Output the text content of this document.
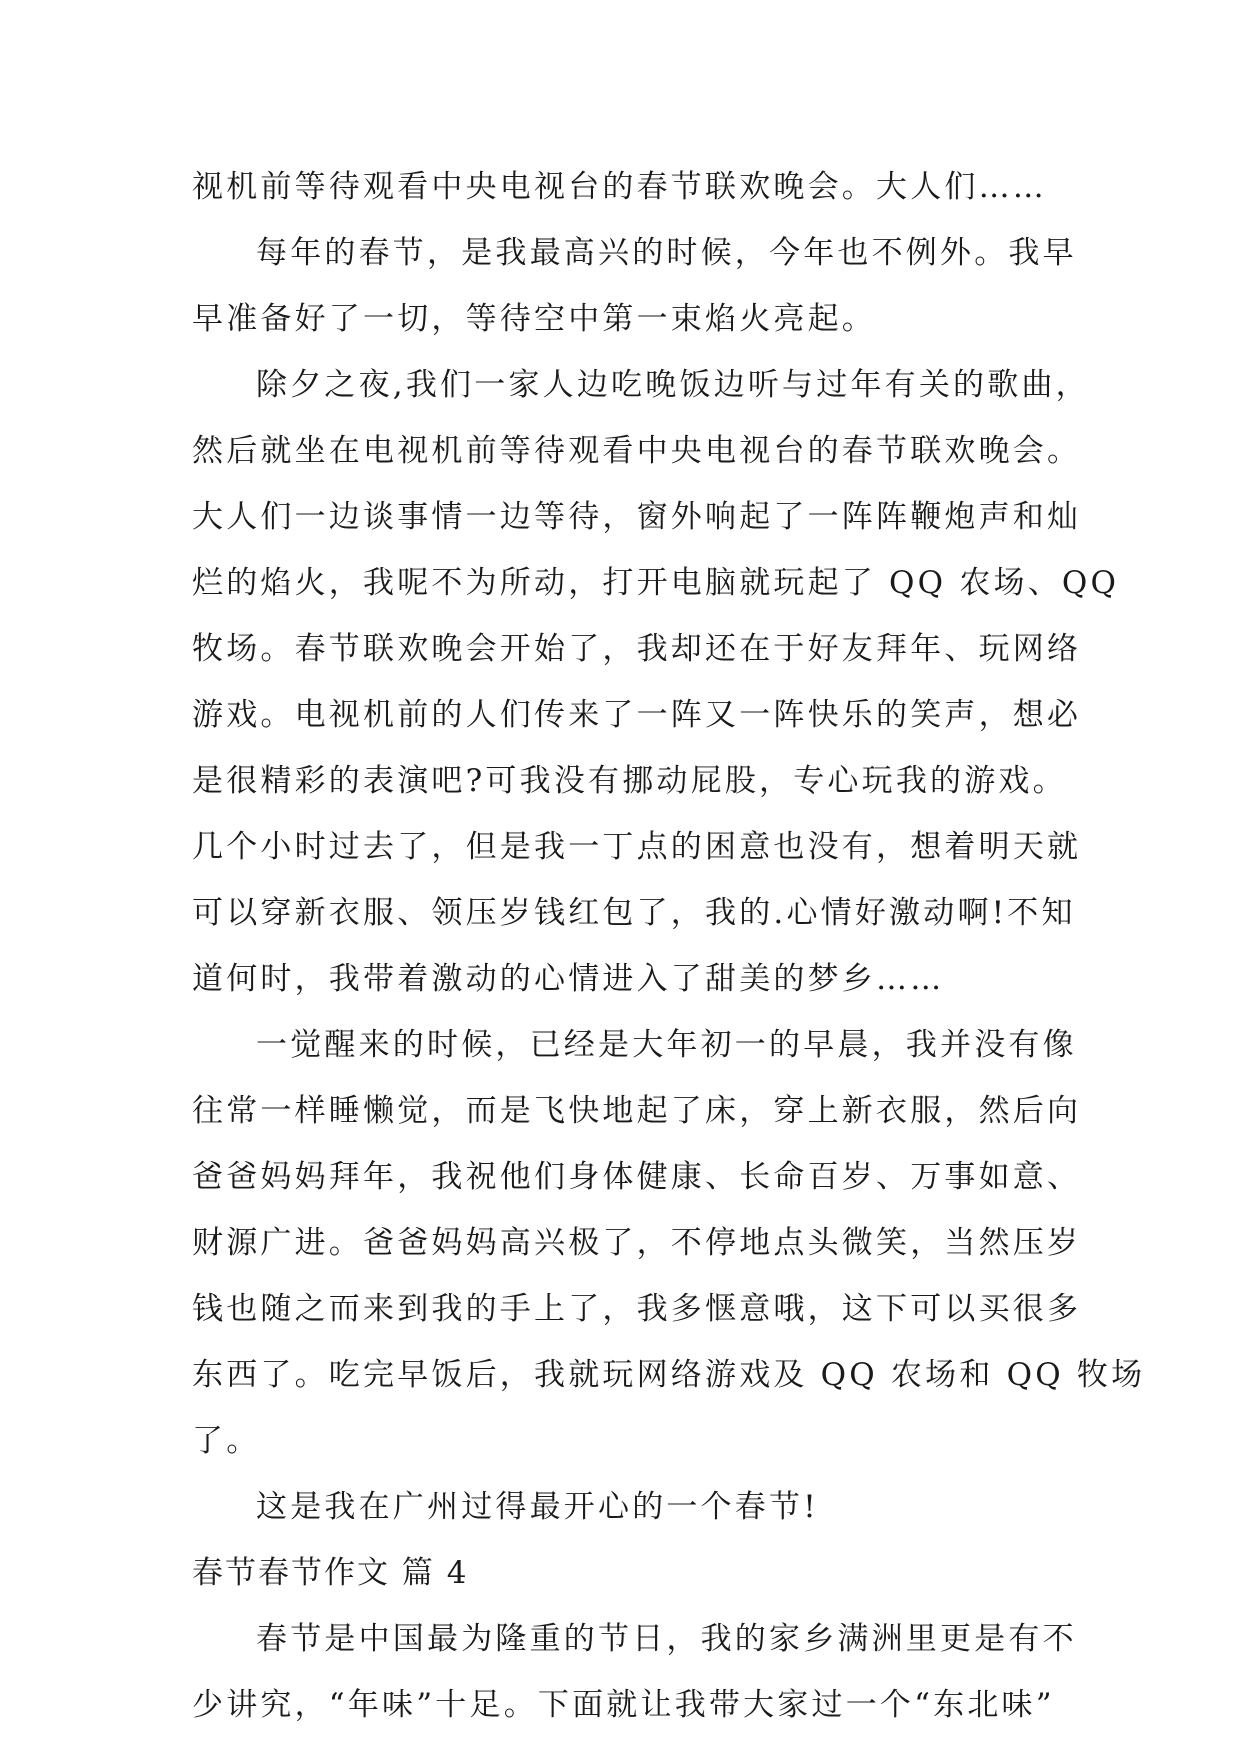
视机前等待观看中央电视台的春节联欢晚会。大人们……
每年的春节，是我最高兴的时候，今年也不例外。我早
早准备好了一切，等待空中第一束焰火亮起。
除夕之夜,我们一家人边吃晚饭边听与过年有关的歌曲，
然后就坐在电视机前等待观看中央电视台的春节联欢晚会。
大人们一边谈事情一边等待，窗外响起了一阵阵鞭炮声和灿
烂的焰火，我呢不为所动，打开电脑就玩起了 QQ 农场、QQ
牧场。春节联欢晚会开始了，我却还在于好友拜年、玩网络
游戏。电视机前的人们传来了一阵又一阵快乐的笑声，想必
是很精彩的表演吧?可我没有挪动屁股，专心玩我的游戏。
几个小时过去了，但是我一丁点的困意也没有，想着明天就
可以穿新衣服、领压岁钱红包了，我的.心情好激动啊!不知
道何时，我带着激动的心情进入了甜美的梦乡……
一觉醒来的时候，已经是大年初一的早晨，我并没有像
往常一样睡懒觉，而是飞快地起了床，穿上新衣服，然后向
爸爸妈妈拜年，我祝他们身体健康、长命百岁、万事如意、
财源广进。爸爸妈妈高兴极了，不停地点头微笑，当然压岁
钱也随之而来到我的手上了，我多惬意哦，这下可以买很多
东西了。吃完早饭后，我就玩网络游戏及 QQ 农场和 QQ 牧场
了。
这是我在广州过得最开心的一个春节!
春节春节作文 篇 4
春节是中国最为隆重的节日，我的家乡满洲里更是有不
少讲究，“年味”十足。下面就让我带大家过一个“东北味”
